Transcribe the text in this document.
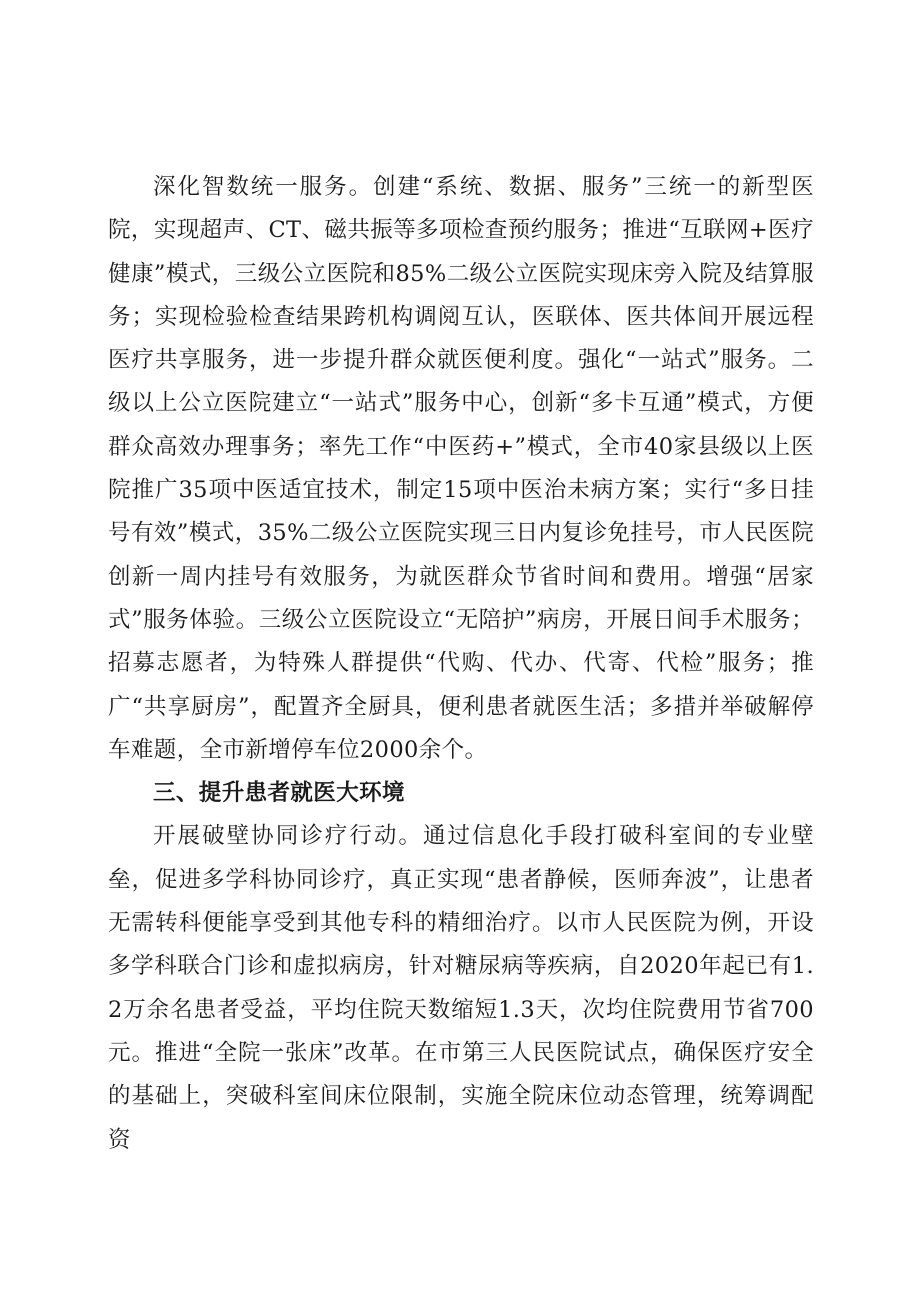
深化智数统一服务。创建“系统、数据、服务”三统一的新型医院，实现超声、CT、磁共振等多项检查预约服务；推进“互联网+医疗健康”模式，三级公立医院和85%二级公立医院实现床旁入院及结算服务；实现检验检查结果跨机构调阅互认，医联体、医共体间开展远程医疗共享服务，进一步提升群众就医便利度。强化“一站式”服务。二级以上公立医院建立“一站式”服务中心，创新“多卡互通”模式，方便群众高效办理事务；率先工作“中医药+”模式，全市40家县级以上医院推广35项中医适宜技术，制定15项中医治未病方案；实行“多日挂号有效”模式，35%二级公立医院实现三日内复诊免挂号，市人民医院创新一周内挂号有效服务，为就医群众节省时间和费用。增强“居家式”服务体验。三级公立医院设立“无陪护”病房，开展日间手术服务；招募志愿者，为特殊人群提供“代购、代办、代寄、代检”服务；推广“共享厨房”，配置齐全厨具，便利患者就医生活；多措并举破解停车难题，全市新增停车位2000余个。

三、提升患者就医大环境

开展破壁协同诊疗行动。通过信息化手段打破科室间的专业壁垒，促进多学科协同诊疗，真正实现“患者静候，医师奔波”，让患者无需转科便能享受到其他专科的精细治疗。以市人民医院为例，开设多学科联合门诊和虚拟病房，针对糖尿病等疾病，自2020年起已有1.2万余名患者受益，平均住院天数缩短1.3天，次均住院费用节省700元。推进“全院一张床”改革。在市第三人民医院试点，确保医疗安全的基础上，突破科室间床位限制，实施全院床位动态管理，统筹调配资
